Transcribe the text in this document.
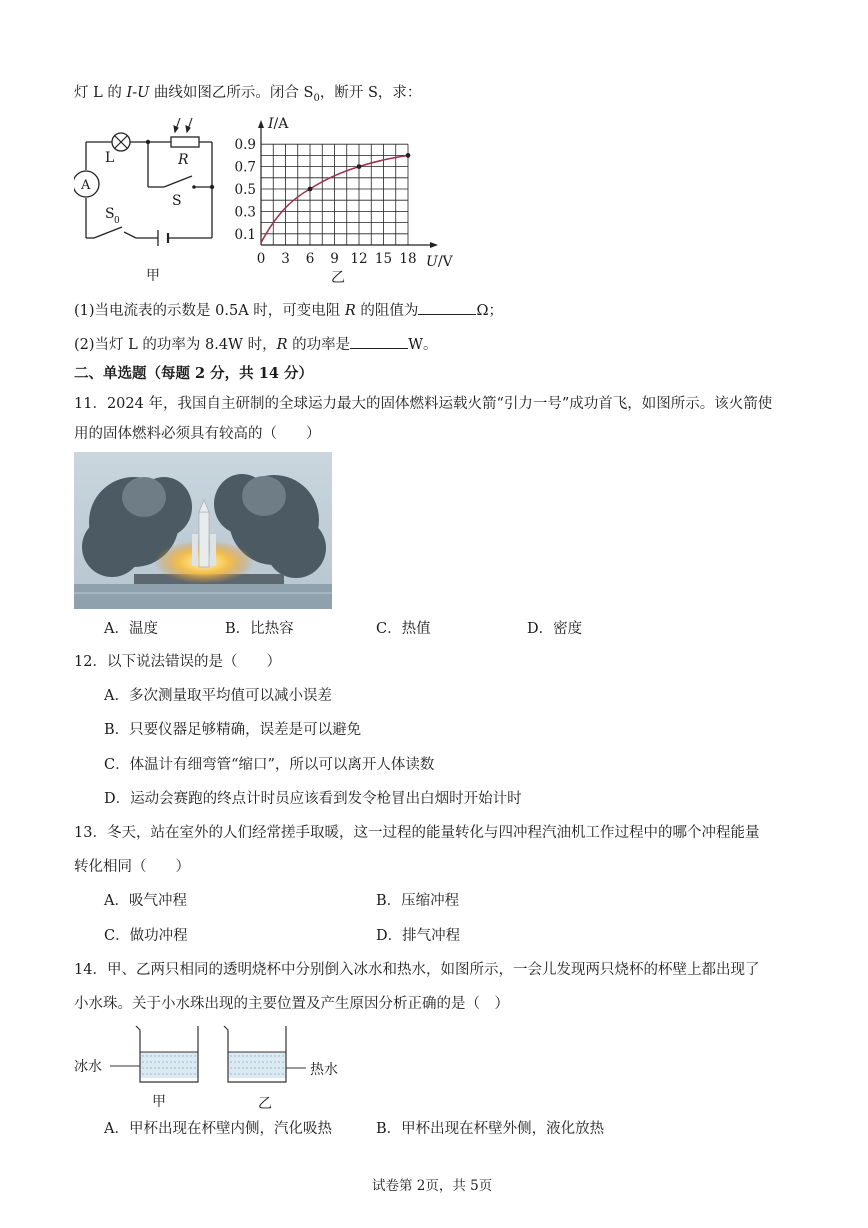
灯 L 的 I-U 曲线如图乙所示。闭合 $S_0$，断开 S，求：
L	R
A
S
S 0
甲
0 3 6 9 12 15 18
0.1
0.3
0.5
0.7
0.9
I/A
U/V
乙
(1)当电流表的示数是 0.5A 时，可变电阻 R 的阻值为	Ω；
(2)当灯 L 的功率为 8.4W 时，R 的功率是	W。
二、单选题（每题 2 分，共 14 分）
11．2024 年，我国自主研制的全球运力最大的固体燃料运载火箭“引力一号”成功首飞，如图所示。该火箭使
用的固体燃料必须具有较高的（　　）
A．温度	B．比热容	C．热值	D．密度
12．以下说法错误的是（　　）
A．多次测量取平均值可以减小误差
B．只要仪器足够精确，误差是可以避免
C．体温计有细弯管“缩口”，所以可以离开人体读数
D．运动会赛跑的终点计时员应该看到发令枪冒出白烟时开始计时
13．冬天，站在室外的人们经常搓手取暖，这一过程的能量转化与四冲程汽油机工作过程中的哪个冲程能量
转化相同（　　）
A．吸气冲程	B．压缩冲程
C．做功冲程	D．排气冲程
14．甲、乙两只相同的透明烧杯中分别倒入冰水和热水，如图所示，一会儿发现两只烧杯的杯壁上都出现了
小水珠。关于小水珠出现的主要位置及产生原因分析正确的是（　）
冰水	热水
甲	乙
A．甲杯出现在杯壁内侧，汽化吸热	B．甲杯出现在杯壁外侧，液化放热
试卷第 2页，共 5页
